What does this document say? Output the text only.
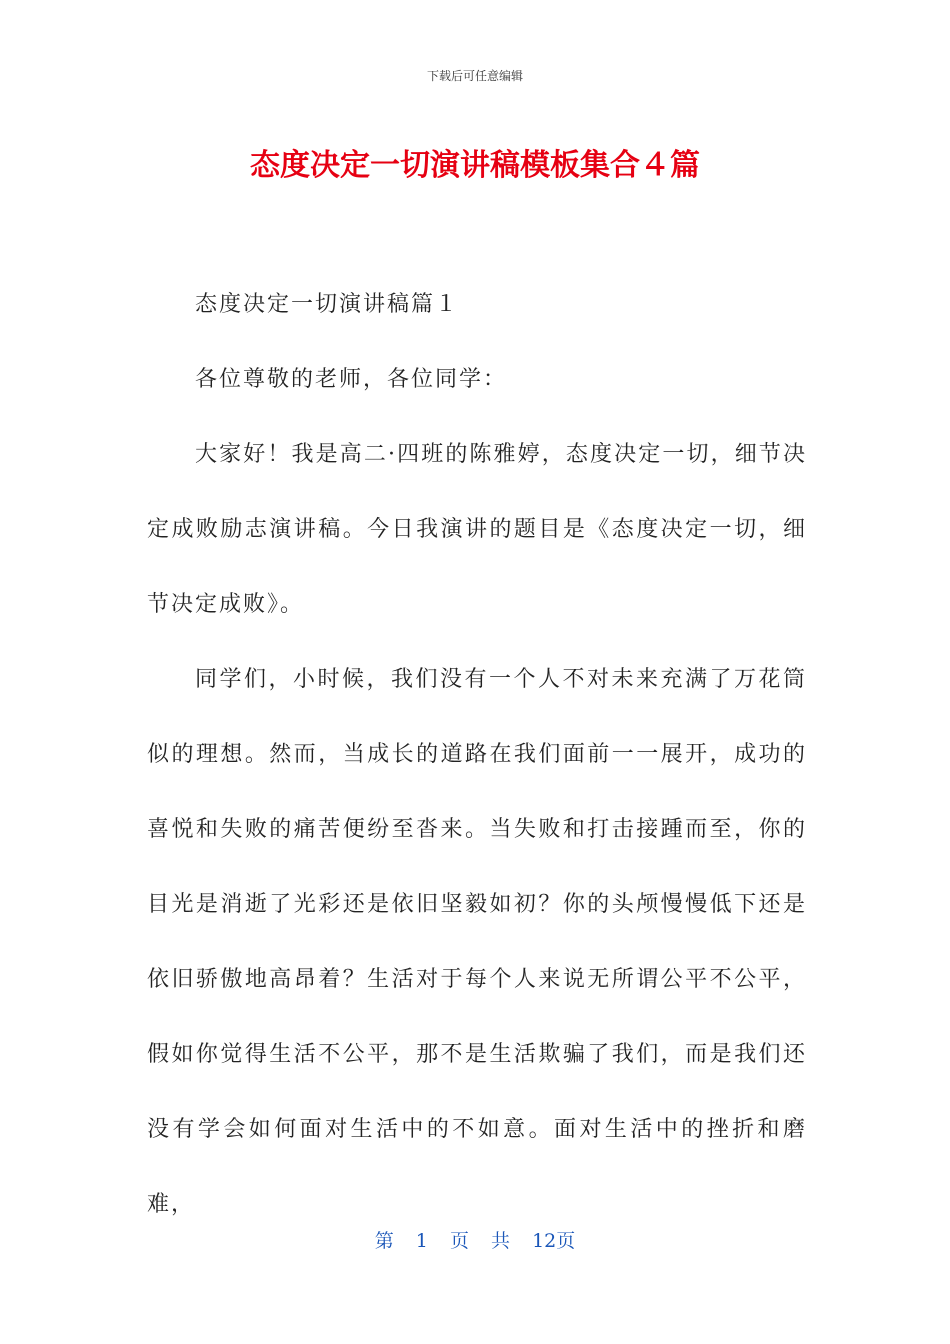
下载后可任意编辑
态度决定一切演讲稿模板集合４篇

态度决定一切演讲稿篇１

各位尊敬的老师，各位同学：

大家好！我是高二·四班的陈雅婷，态度决定一切，细节决定成败励志演讲稿。今日我演讲的题目是《态度决定一切，细节决定成败》。

同学们，小时候，我们没有一个人不对未来充满了万花筒似的理想。然而，当成长的道路在我们面前一一展开，成功的喜悦和失败的痛苦便纷至沓来。当失败和打击接踵而至，你的目光是消逝了光彩还是依旧坚毅如初？你的头颅慢慢低下还是依旧骄傲地高昂着？生活对于每个人来说无所谓公平不公平，假如你觉得生活不公平，那不是生活欺骗了我们，而是我们还没有学会如何面对生活中的不如意。面对生活中的挫折和磨难，

第 1 页 共 12页
